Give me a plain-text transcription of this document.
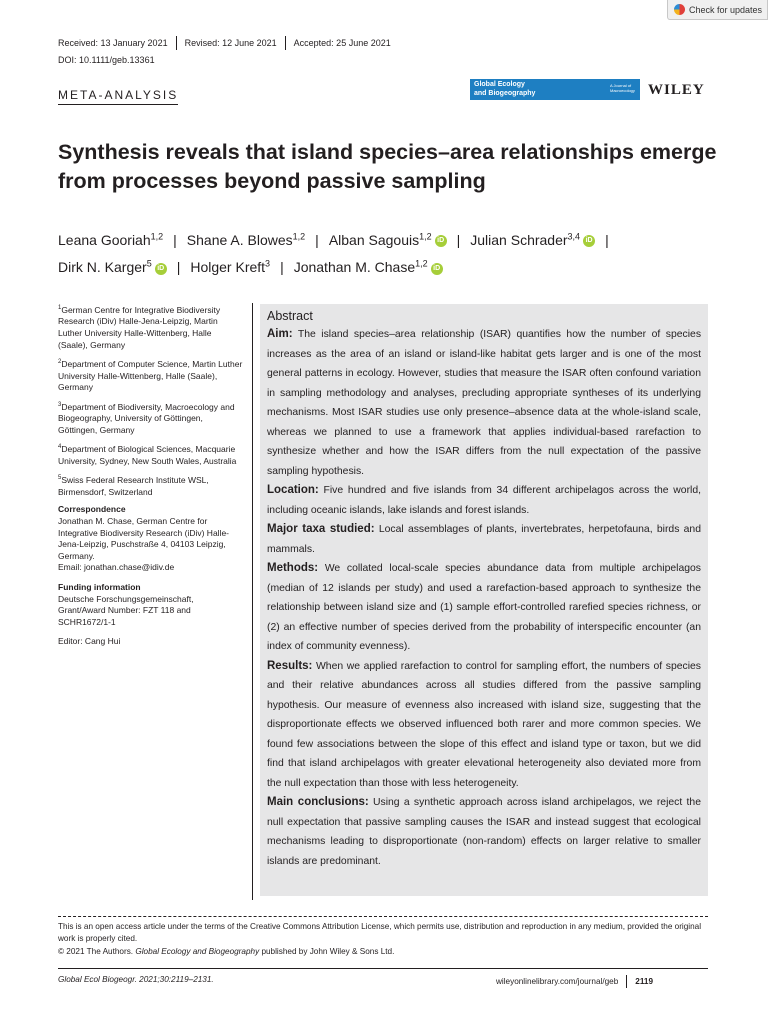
Check for updates
Received: 13 January 2021 Revised: 12 June 2021 Accepted: 25 June 2021
DOI: 10.1111/geb.13361
META-ANALYSIS
Global Ecology
and Biogeography
A Journal of Macroecology WILEY
Synthesis reveals that island species–area relationships emerge from processes beyond passive sampling
Leana Gooriah$^{1,2}$ | Shane A. Blowes$^{1,2}$ | Alban Sagouis$^{1,2}$ iD | Julian Schrader$^{3,4}$ iD |
Dirk N. Karger$^5$ iD | Holger Kreft$^3$ | Jonathan M. Chase$^{1,2}$ iD
$^1$German Centre for Integrative Biodiversity Research (iDiv) Halle-Jena-Leipzig, Martin Luther University Halle-Wittenberg, Halle (Saale), Germany
$^2$Department of Computer Science, Martin Luther University Halle-Wittenberg, Halle (Saale), Germany
$^3$Department of Biodiversity, Macroecology and Biogeography, University of Göttingen, Göttingen, Germany
$^4$Department of Biological Sciences, Macquarie University, Sydney, New South Wales, Australia
$^5$Swiss Federal Research Institute WSL, Birmensdorf, Switzerland
Correspondence
Jonathan M. Chase, German Centre for Integrative Biodiversity Research (iDiv) Halle-Jena-Leipzig, Puschstraße 4, 04103 Leipzig, Germany.
Email: jonathan.chase@idiv.de
Funding information
Deutsche Forschungsgemeinschaft, Grant/Award Number: FZT 118 and SCHR1672/1-1
Editor: Cang Hui
Abstract

Aim: The island species–area relationship (ISAR) quantifies how the number of species increases as the area of an island or island-like habitat gets larger and is one of the most general patterns in ecology. However, studies that measure the ISAR often confound variation in sampling methodology and analyses, precluding appropriate syntheses of its underlying mechanisms. Most ISAR studies use only presence–absence data at the whole-island scale, whereas we planned to use a framework that applies individual-based rarefaction to synthesize whether and how the ISAR differs from the null expectation of the passive sampling hypothesis.

Location: Five hundred and five islands from 34 different archipelagos across the world, including oceanic islands, lake islands and forest islands.

Major taxa studied: Local assemblages of plants, invertebrates, herpetofauna, birds and mammals.

Methods: We collated local-scale species abundance data from multiple archipelagos (median of 12 islands per study) and used a rarefaction-based approach to synthesize the relationship between island size and (1) sample effort-controlled rarefied species richness, or (2) an effective number of species derived from the probability of interspecific encounter (an index of community evenness).

Results: When we applied rarefaction to control for sampling effort, the numbers of species and their relative abundances across all studies differed from the passive sampling hypothesis. Our measure of evenness also increased with island size, suggesting that the disproportionate effects we observed influenced both rarer and more common species. We found few associations between the slope of this effect and island type or taxon, but we did find that island archipelagos with greater elevational heterogeneity also deviated more from the null expectation than those with less heterogeneity.

Main conclusions: Using a synthetic approach across island archipelagos, we reject the null expectation that passive sampling causes the ISAR and instead suggest that ecological mechanisms leading to disproportionate (non-random) effects on larger relative to smaller islands are predominant.

This is an open access article under the terms of the Creative Commons Attribution License, which permits use, distribution and reproduction in any medium, provided the original work is properly cited.
© 2021 The Authors. Global Ecology and Biogeography published by John Wiley & Sons Ltd.
Global Ecol Biogeogr. 2021;30:2119–2131.	wileyonlinelibrary.com/journal/geb 2119
